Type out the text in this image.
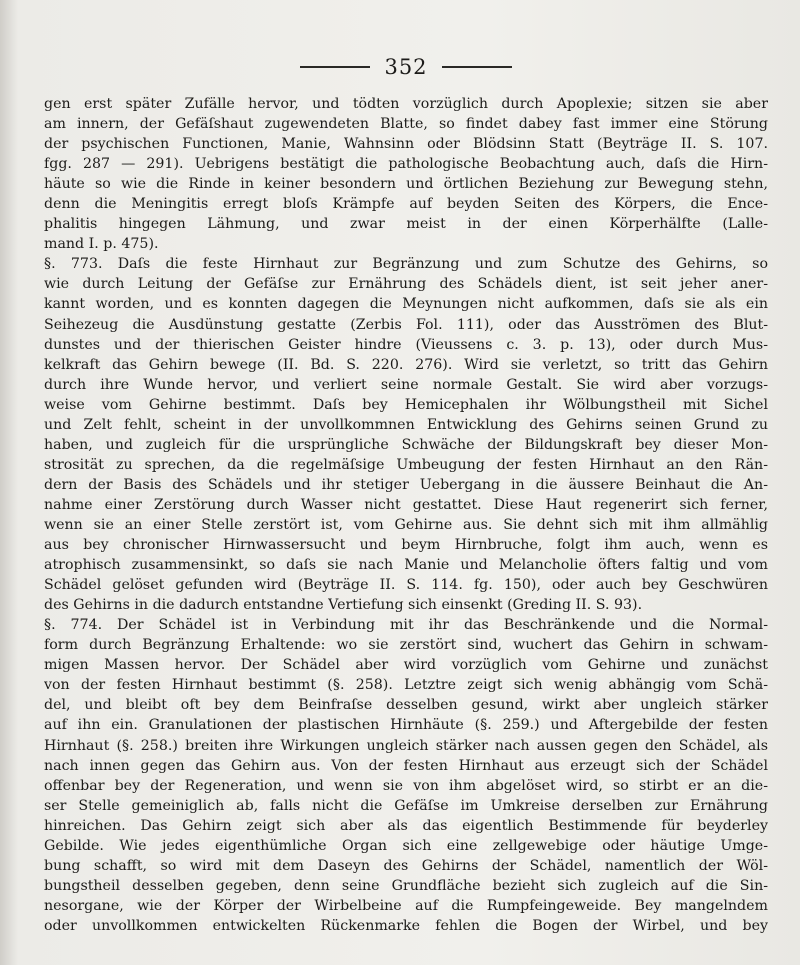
352
gen erst später Zufälle hervor, und tödten vorzüglich durch Apoplexie; sitzen sie aber
am innern, der Gefäſshaut zugewendeten Blatte, so findet dabey fast immer eine Störung
der psychischen Functionen, Manie, Wahnsinn oder Blödsinn Statt (Beyträge II. S. 107.
fgg. 287 — 291). Uebrigens bestätigt die pathologische Beobachtung auch, daſs die Hirn-
häute so wie die Rinde in keiner besondern und örtlichen Beziehung zur Bewegung stehn,
denn die Meningitis erregt bloſs Krämpfe auf beyden Seiten des Körpers, die Ence-
phalitis hingegen Lähmung, und zwar meist in der einen Körperhälfte (Lalle-
mand I. p. 475).
§. 773. Daſs die feste Hirnhaut zur Begränzung und zum Schutze des Gehirns, so
wie durch Leitung der Gefäſse zur Ernährung des Schädels dient, ist seit jeher aner-
kannt worden, und es konnten dagegen die Meynungen nicht aufkommen, daſs sie als ein
Seihezeug die Ausdünstung gestatte (Zerbis Fol. 111), oder das Ausströmen des Blut-
dunstes und der thierischen Geister hindre (Vieussens c. 3. p. 13), oder durch Mus-
kelkraft das Gehirn bewege (II. Bd. S. 220. 276). Wird sie verletzt, so tritt das Gehirn
durch ihre Wunde hervor, und verliert seine normale Gestalt. Sie wird aber vorzugs-
weise vom Gehirne bestimmt. Daſs bey Hemicephalen ihr Wölbungstheil mit Sichel
und Zelt fehlt, scheint in der unvollkommnen Entwicklung des Gehirns seinen Grund zu
haben, und zugleich für die ursprüngliche Schwäche der Bildungskraft bey dieser Mon-
strosität zu sprechen, da die regelmäſsige Umbeugung der festen Hirnhaut an den Rän-
dern der Basis des Schädels und ihr stetiger Uebergang in die äussere Beinhaut die An-
nahme einer Zerstörung durch Wasser nicht gestattet. Diese Haut regenerirt sich ferner,
wenn sie an einer Stelle zerstört ist, vom Gehirne aus. Sie dehnt sich mit ihm allmählig
aus bey chronischer Hirnwassersucht und beym Hirnbruche, folgt ihm auch, wenn es
atrophisch zusammensinkt, so daſs sie nach Manie und Melancholie öfters faltig und vom
Schädel gelöset gefunden wird (Beyträge II. S. 114. fg. 150), oder auch bey Geschwüren
des Gehirns in die dadurch entstandne Vertiefung sich einsenkt (Greding II. S. 93).
§. 774. Der Schädel ist in Verbindung mit ihr das Beschränkende und die Normal-
form durch Begränzung Erhaltende: wo sie zerstört sind, wuchert das Gehirn in schwam-
migen Massen hervor. Der Schädel aber wird vorzüglich vom Gehirne und zunächst
von der festen Hirnhaut bestimmt (§. 258). Letztre zeigt sich wenig abhängig vom Schä-
del, und bleibt oft bey dem Beinfraſse desselben gesund, wirkt aber ungleich stärker
auf ihn ein. Granulationen der plastischen Hirnhäute (§. 259.) und Aftergebilde der festen
Hirnhaut (§. 258.) breiten ihre Wirkungen ungleich stärker nach aussen gegen den Schädel, als
nach innen gegen das Gehirn aus. Von der festen Hirnhaut aus erzeugt sich der Schädel
offenbar bey der Regeneration, und wenn sie von ihm abgelöset wird, so stirbt er an die-
ser Stelle gemeiniglich ab, falls nicht die Gefäſse im Umkreise derselben zur Ernährung
hinreichen. Das Gehirn zeigt sich aber als das eigentlich Bestimmende für beyderley
Gebilde. Wie jedes eigenthümliche Organ sich eine zellgewebige oder häutige Umge-
bung schafft, so wird mit dem Daseyn des Gehirns der Schädel, namentlich der Wöl-
bungstheil desselben gegeben, denn seine Grundfläche bezieht sich zugleich auf die Sin-
nesorgane, wie der Körper der Wirbelbeine auf die Rumpfeingeweide. Bey mangelndem
oder unvollkommen entwickelten Rückenmarke fehlen die Bogen der Wirbel, und bey
